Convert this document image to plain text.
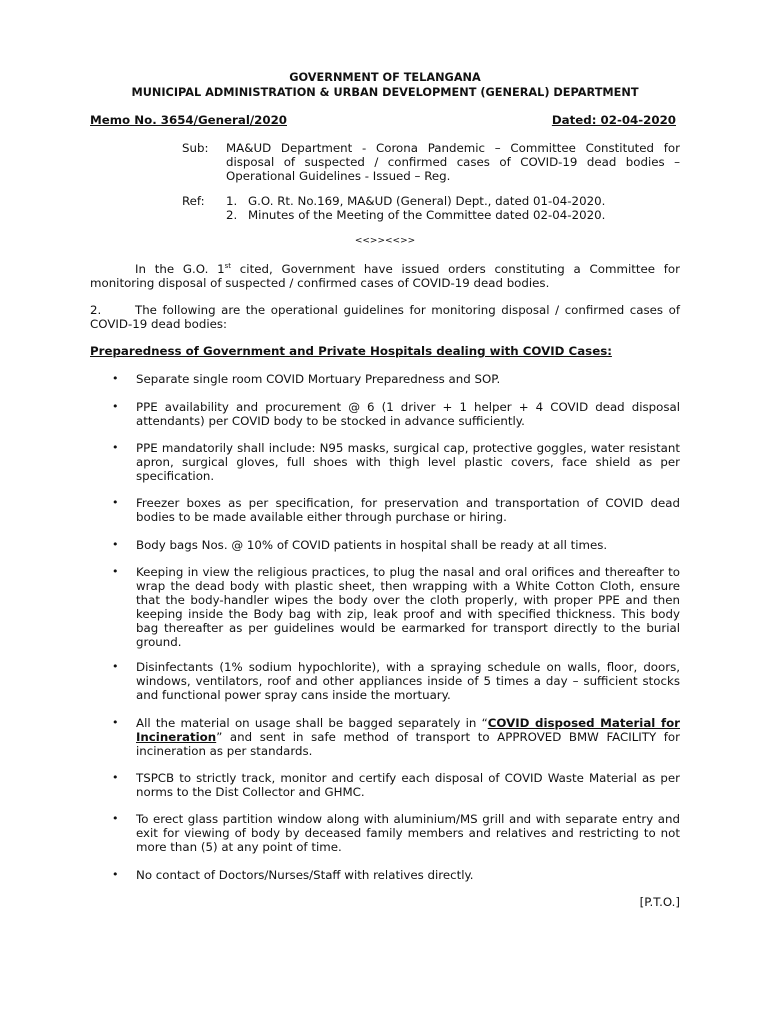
GOVERNMENT OF TELANGANA
MUNICIPAL ADMINISTRATION & URBAN DEVELOPMENT (GENERAL) DEPARTMENT
Memo No. 3654/General/2020	Dated: 02-04-2020
Sub: MA&UD Department - Corona Pandemic – Committee Constituted for disposal of suspected / confirmed cases of COVID-19 dead bodies – Operational Guidelines - Issued – Reg.
Ref: 1. G.O. Rt. No.169, MA&UD (General) Dept., dated 01-04-2020.
2. Minutes of the Meeting of the Committee dated 02-04-2020.
<<>><<>>
In the G.O. 1st cited, Government have issued orders constituting a Committee for monitoring disposal of suspected / confirmed cases of COVID-19 dead bodies.
2.	The following are the operational guidelines for monitoring disposal / confirmed cases of COVID-19 dead bodies:
Preparedness of Government and Private Hospitals dealing with COVID Cases:
• Separate single room COVID Mortuary Preparedness and SOP.
• PPE availability and procurement @ 6 (1 driver + 1 helper + 4 COVID dead disposal attendants) per COVID body to be stocked in advance sufficiently.
• PPE mandatorily shall include: N95 masks, surgical cap, protective goggles, water resistant apron, surgical gloves, full shoes with thigh level plastic covers, face shield as per specification.
• Freezer boxes as per specification, for preservation and transportation of COVID dead bodies to be made available either through purchase or hiring.
• Body bags Nos. @ 10% of COVID patients in hospital shall be ready at all times.
• Keeping in view the religious practices, to plug the nasal and oral orifices and thereafter to wrap the dead body with plastic sheet, then wrapping with a White Cotton Cloth, ensure that the body-handler wipes the body over the cloth properly, with proper PPE and then keeping inside the Body bag with zip, leak proof and with specified thickness. This body bag thereafter as per guidelines would be earmarked for transport directly to the burial ground.
• Disinfectants (1% sodium hypochlorite), with a spraying schedule on walls, floor, doors, windows, ventilators, roof and other appliances inside of 5 times a day – sufficient stocks and functional power spray cans inside the mortuary.
• All the material on usage shall be bagged separately in “COVID disposed Material for Incineration” and sent in safe method of transport to APPROVED BMW FACILITY for incineration as per standards.
• TSPCB to strictly track, monitor and certify each disposal of COVID Waste Material as per norms to the Dist Collector and GHMC.
• To erect glass partition window along with aluminium/MS grill and with separate entry and exit for viewing of body by deceased family members and relatives and restricting to not more than (5) at any point of time.
• No contact of Doctors/Nurses/Staff with relatives directly.
[P.T.O.]
